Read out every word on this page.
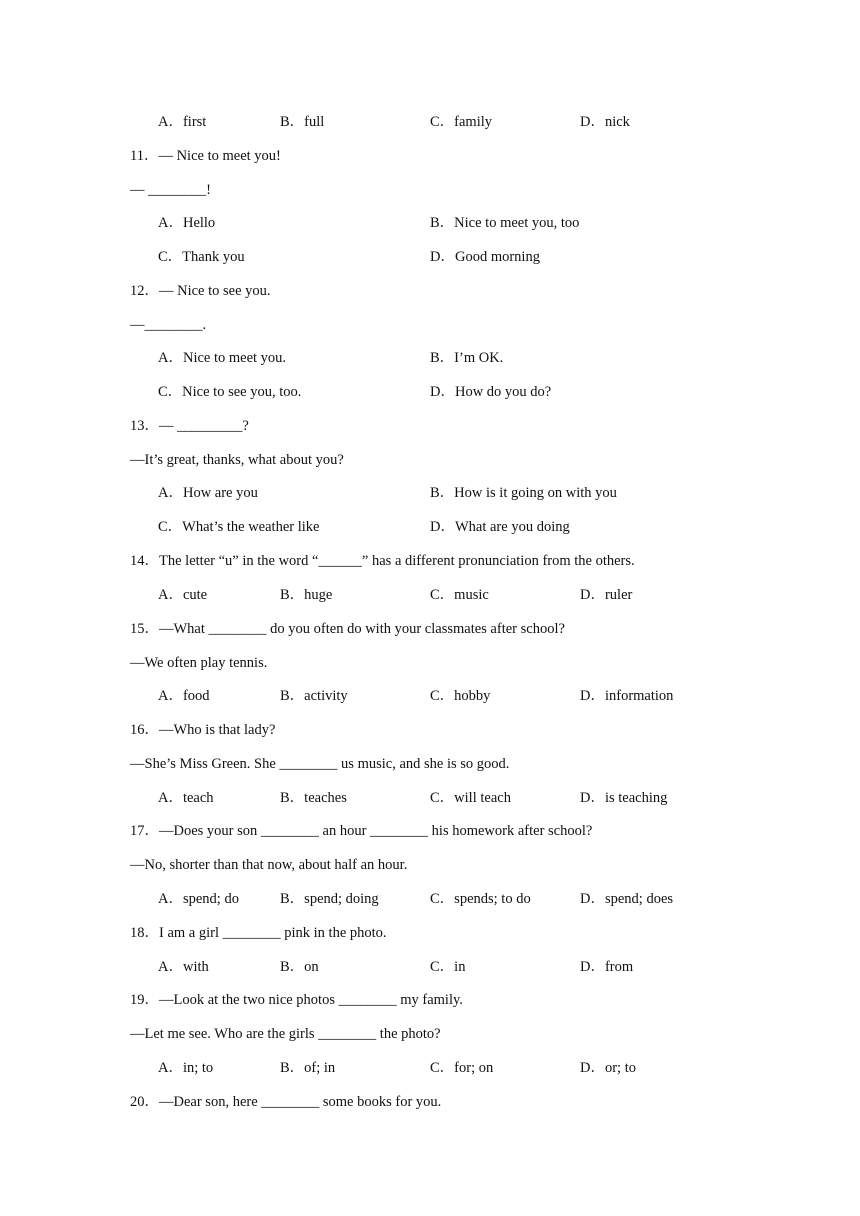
A．first	B．full	C．family	D．nick
11．— Nice to meet you!
— ________!
A．Hello	B．Nice to meet you, too
C．Thank you	D．Good morning
12．— Nice to see you.
—________.
A．Nice to meet you.	B．I’m OK.
C．Nice to see you, too.	D．How do you do?
13．— _________?
—It’s great, thanks, what about you?
A．How are you	B．How is it going on with you
C．What’s the weather like	D．What are you doing
14．The letter “u” in the word “______” has a different pronunciation from the others.
A．cute	B．huge	C．music	D．ruler
15．—What ________ do you often do with your classmates after school?
—We often play tennis.
A．food	B．activity	C．hobby	D．information
16．—Who is that lady?
—She’s Miss Green. She ________ us music, and she is so good.
A．teach	B．teaches	C．will teach	D．is teaching
17．—Does your son ________ an hour ________ his homework after school?
—No, shorter than that now, about half an hour.
A．spend; do	B．spend; doing	C．spends; to do	D．spend; does
18．I am a girl ________ pink in the photo.
A．with	B．on	C．in	D．from
19．—Look at the two nice photos ________ my family.
—Let me see. Who are the girls ________ the photo?
A．in; to	B．of; in	C．for; on	D．or; to
20．—Dear son, here ________ some books for you.
